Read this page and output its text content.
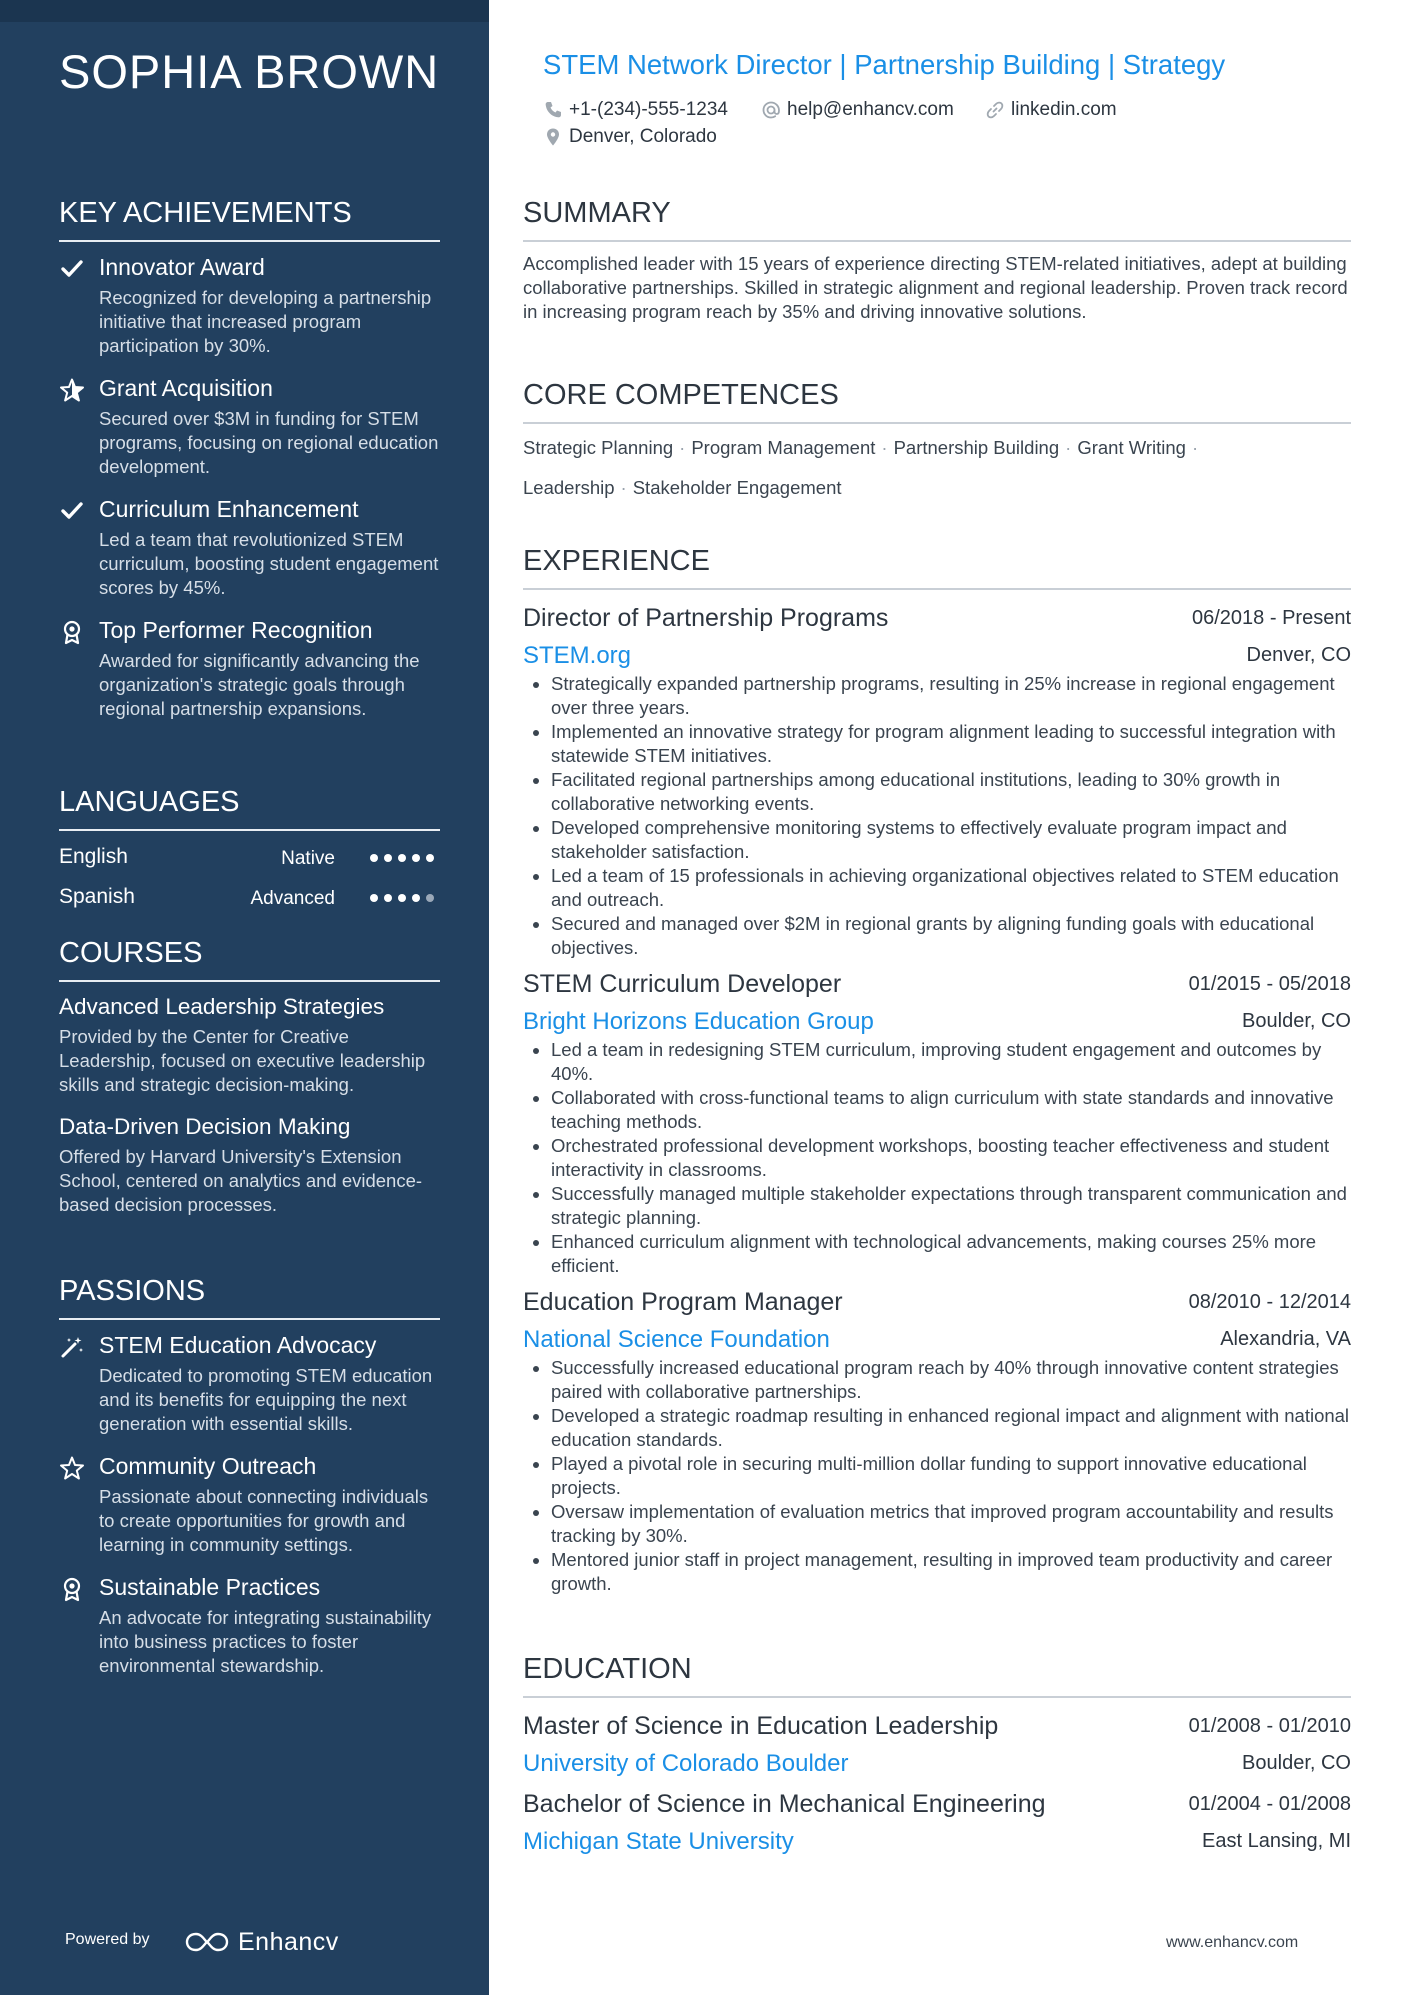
SOPHIA BROWN
KEY ACHIEVEMENTS
Innovator Award
Recognized for developing a partnership initiative that increased program participation by 30%.
Grant Acquisition
Secured over $3M in funding for STEM programs, focusing on regional education development.
Curriculum Enhancement
Led a team that revolutionized STEM curriculum, boosting student engagement scores by 45%.
Top Performer Recognition
Awarded for significantly advancing the organization's strategic goals through regional partnership expansions.
LANGUAGES
English	Native
Spanish	Advanced
COURSES
Advanced Leadership Strategies
Provided by the Center for Creative Leadership, focused on executive leadership skills and strategic decision-making.
Data-Driven Decision Making
Offered by Harvard University's Extension School, centered on analytics and evidence-based decision processes.
PASSIONS
STEM Education Advocacy
Dedicated to promoting STEM education and its benefits for equipping the next generation with essential skills.
Community Outreach
Passionate about connecting individuals to create opportunities for growth and learning in community settings.
Sustainable Practices
An advocate for integrating sustainability into business practices to foster environmental stewardship.
Powered by	Enhancv
STEM Network Director | Partnership Building | Strategy
+1-(234)-555-1234	help@enhancv.com	linkedin.com
Denver, Colorado
SUMMARY
Accomplished leader with 15 years of experience directing STEM-related initiatives, adept at building collaborative partnerships. Skilled in strategic alignment and regional leadership. Proven track record in increasing program reach by 35% and driving innovative solutions.
CORE COMPETENCES
Strategic Planning · Program Management · Partnership Building · Grant Writing ·
Leadership · Stakeholder Engagement
EXPERIENCE
Director of Partnership Programs	06/2018 - Present
STEM.org	Denver, CO
• Strategically expanded partnership programs, resulting in 25% increase in regional engagement over three years.
• Implemented an innovative strategy for program alignment leading to successful integration with statewide STEM initiatives.
• Facilitated regional partnerships among educational institutions, leading to 30% growth in collaborative networking events.
• Developed comprehensive monitoring systems to effectively evaluate program impact and stakeholder satisfaction.
• Led a team of 15 professionals in achieving organizational objectives related to STEM education and outreach.
• Secured and managed over $2M in regional grants by aligning funding goals with educational objectives.
STEM Curriculum Developer	01/2015 - 05/2018
Bright Horizons Education Group	Boulder, CO
• Led a team in redesigning STEM curriculum, improving student engagement and outcomes by 40%.
• Collaborated with cross-functional teams to align curriculum with state standards and innovative teaching methods.
• Orchestrated professional development workshops, boosting teacher effectiveness and student interactivity in classrooms.
• Successfully managed multiple stakeholder expectations through transparent communication and strategic planning.
• Enhanced curriculum alignment with technological advancements, making courses 25% more efficient.
Education Program Manager	08/2010 - 12/2014
National Science Foundation	Alexandria, VA
• Successfully increased educational program reach by 40% through innovative content strategies paired with collaborative partnerships.
• Developed a strategic roadmap resulting in enhanced regional impact and alignment with national education standards.
• Played a pivotal role in securing multi-million dollar funding to support innovative educational projects.
• Oversaw implementation of evaluation metrics that improved program accountability and results tracking by 30%.
• Mentored junior staff in project management, resulting in improved team productivity and career growth.
EDUCATION
Master of Science in Education Leadership	01/2008 - 01/2010
University of Colorado Boulder	Boulder, CO
Bachelor of Science in Mechanical Engineering	01/2004 - 01/2008
Michigan State University	East Lansing, MI
www.enhancv.com
